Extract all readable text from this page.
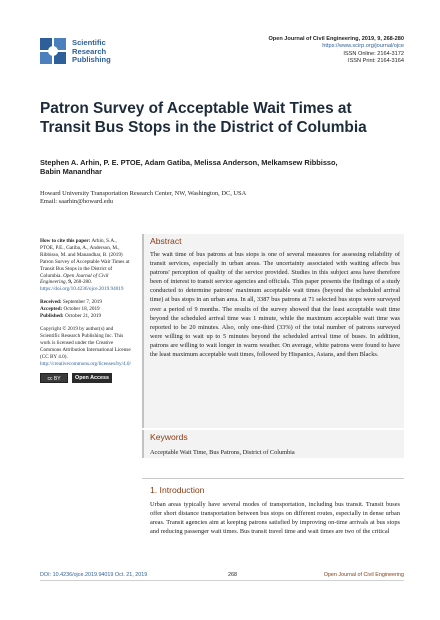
Scientific
Research
Publishing
Open Journal of Civil Engineering, 2019, 9, 268-280
https://www.scirp.org/journal/ojce
ISSN Online: 2164-3172
ISSN Print: 2164-3164
Patron Survey of Acceptable Wait Times at
Transit Bus Stops in the District of Columbia
Stephen A. Arhin, P. E. PTOE, Adam Gatiba, Melissa Anderson, Melkamsew Ribbisso,
Babin Manandhar
Howard University Transportation Research Center, NW, Washington, DC, USA
Email: saarhin@howard.edu

How to cite this paper: Arhin, S.A., PTOE, P.E., Gatiba, A., Anderson, M., Ribbisso, M. and Manandhar, B. (2019) Patron Survey of Acceptable Wait Times at Transit Bus Stops in the District of Columbia. Open Journal of Civil Engineering, 9, 268-280. https://doi.org/10.4236/ojce.2019.94019

Received: September 7, 2019
Accepted: October 18, 2019
Published: October 21, 2019

Copyright © 2019 by author(s) and Scientific Research Publishing Inc. This work is licensed under the Creative Commons Attribution International License (CC BY 4.0).
http://creativecommons.org/licenses/by/4.0/

cc BY	Open Access
Abstract
The wait time of bus patrons at bus stops is one of several measures for assessing reliability of transit services, especially in urban areas. The uncertainty associated with waiting affects bus patrons' perception of quality of the service provided. Studies in this subject area have therefore been of interest to transit service agencies and officials. This paper presents the findings of a study conducted to determine patrons' maximum acceptable wait times (beyond the scheduled arrival time) at bus stops in an urban area. In all, 3387 bus patrons at 71 selected bus stops were surveyed over a period of 9 months. The results of the survey showed that the least acceptable wait time beyond the scheduled arrival time was 1 minute, while the maximum acceptable wait time was reported to be 20 minutes. Also, only one-third (33%) of the total number of patrons surveyed were willing to wait up to 5 minutes beyond the scheduled arrival time of buses. In addition, patrons are willing to wait longer in warm weather. On average, white patrons were found to have the least maximum acceptable wait times, followed by Hispanics, Asians, and then Blacks.
Keywords
Acceptable Wait Time, Bus Patrons, District of Columbia
1. Introduction
Urban areas typically have several modes of transportation, including bus transit. Transit buses offer short distance transportation between bus stops on different routes, especially in dense urban areas. Transit agencies aim at keeping patrons satisfied by improving on-time arrivals at bus stops and reducing passenger wait times. Bus transit travel time and wait times are two of the critical
DOI: 10.4236/ojce.2019.94019 Oct. 21, 2019	268	Open Journal of Civil Engineering
